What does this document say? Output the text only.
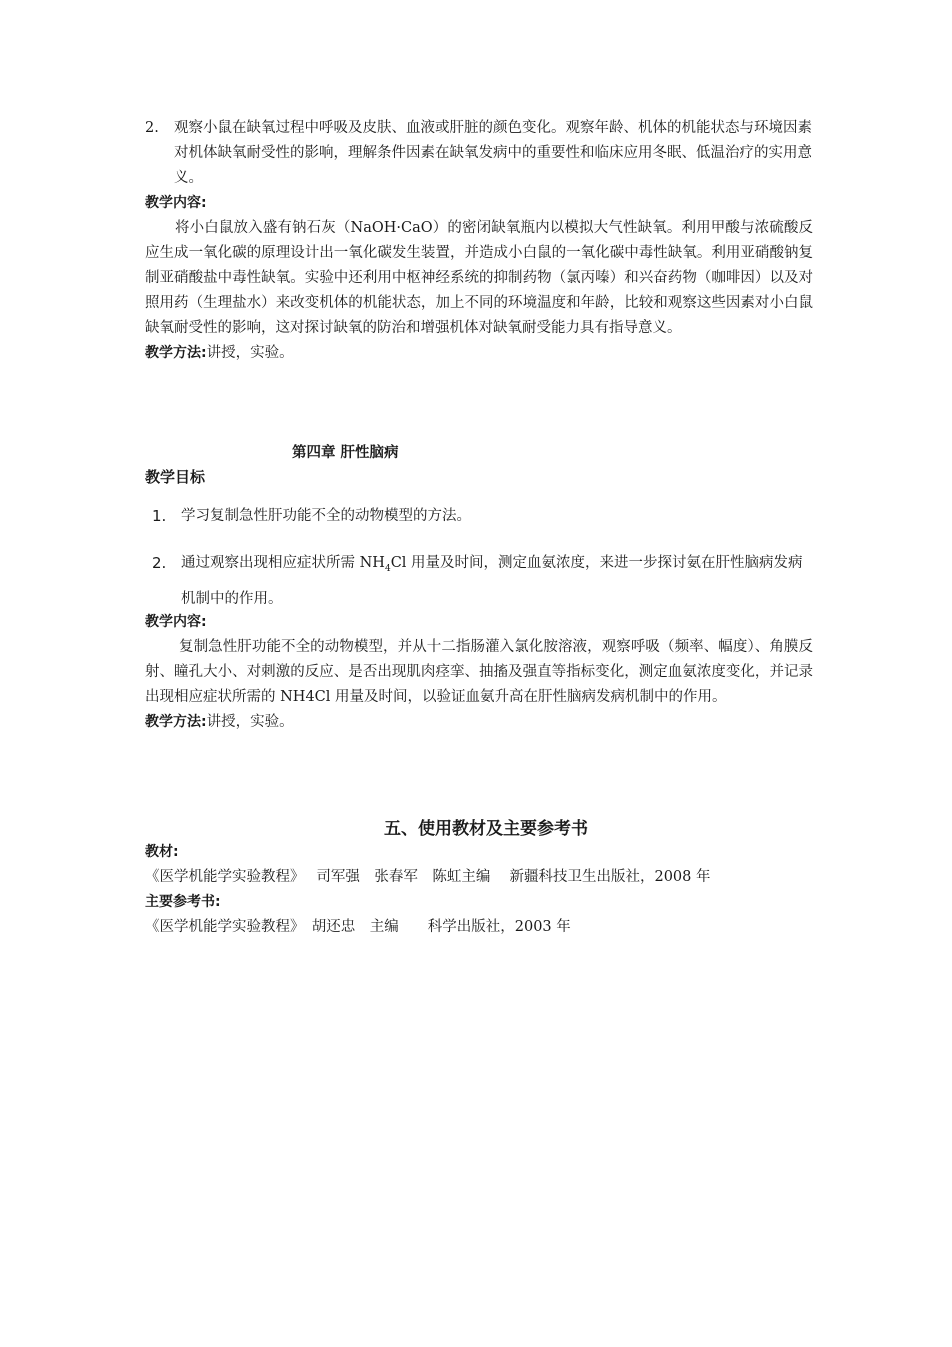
2. 观察小鼠在缺氧过程中呼吸及皮肤、血液或肝脏的颜色变化。观察年龄、机体的机能状态与环境因素对机体缺氧耐受性的影响，理解条件因素在缺氧发病中的重要性和临床应用冬眠、低温治疗的实用意义。
教学内容:
将小白鼠放入盛有钠石灰（NaOH·CaO）的密闭缺氧瓶内以模拟大气性缺氧。利用甲酸与浓硫酸反应生成一氧化碳的原理设计出一氧化碳发生装置，并造成小白鼠的一氧化碳中毒性缺氧。利用亚硝酸钠复制亚硝酸盐中毒性缺氧。实验中还利用中枢神经系统的抑制药物（氯丙嗪）和兴奋药物（咖啡因）以及对照用药（生理盐水）来改变机体的机能状态，加上不同的环境温度和年龄，比较和观察这些因素对小白鼠缺氧耐受性的影响，这对探讨缺氧的防治和增强机体对缺氧耐受能力具有指导意义。
教学方法:讲授，实验。
第四章 肝性脑病
教学目标
1. 学习复制急性肝功能不全的动物模型的方法。
2. 通过观察出现相应症状所需 $NH_4Cl$ 用量及时间，测定血氨浓度，来进一步探讨氨在肝性脑病发病机制中的作用。
教学内容:
复制急性肝功能不全的动物模型，并从十二指肠灌入氯化胺溶液，观察呼吸（频率、幅度）、角膜反射、瞳孔大小、对刺激的反应、是否出现肌肉痉挛、抽搐及强直等指标变化，测定血氨浓度变化，并记录出现相应症状所需的 NH4Cl 用量及时间，以验证血氨升高在肝性脑病发病机制中的作用。
教学方法:讲授，实验。
五、使用教材及主要参考书
教材:
《医学机能学实验教程》　 司军强　张春军　陈虹主编　 新疆科技卫生出版社，2008 年
主要参考书:
《医学机能学实验教程》　胡还忠　主编　　科学出版社，2003 年
